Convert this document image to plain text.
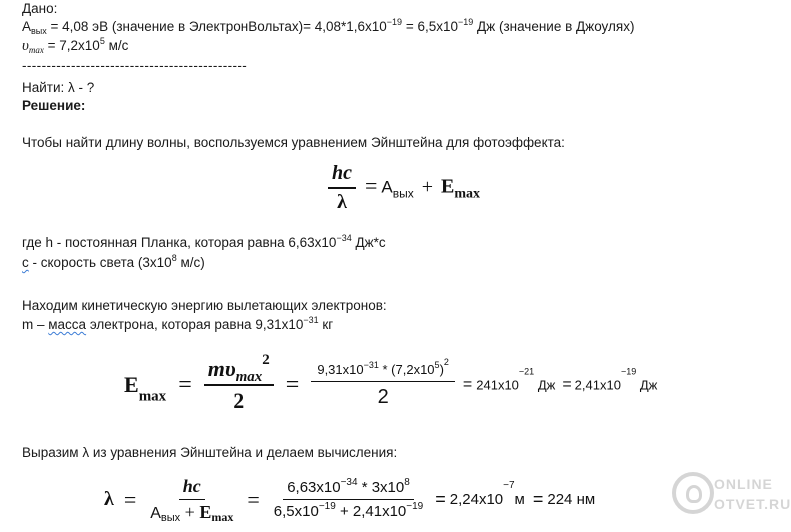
Дано:
$A_{вых} = 4,08$ эВ (значение в ЭлектронВольтах)= $4,08*1,6x10^{-19} = 6,5x10^{-19}$ Дж (значение в Джоулях)
$\upsilon_{max} = 7,2x10^5$ м/с
----------------------------------------------
Найти: λ - ?
Решение:
Чтобы найти длину волны, воспользуемся уравнением Эйнштейна для фотоэффекта:
$\frac{hc}{\lambda} = A_{вых} + E_{max}$
где h - постоянная Планка, которая равна $6,63x10^{-34}$ Дж*с
с - скорость света ($3x10^8$ м/с)
Находим кинетическую энергию вылетающих электронов:
m – масса электрона, которая равна $9,31x10^{-31}$ кг
$E_{max} = \frac{m\upsilon_{max}^2}{2} = \frac{9,31x10^{-31} * (7,2x10^5)^2}{2} = 241x10^{-21}$ Дж = $2,41x10^{-19}$ Дж
Выразим λ из уравнения Эйнштейна и делаем вычисления:
$\lambda = \frac{hc}{A_{вых} + E_{max}} = \frac{6,63x10^{-34} * 3x10^8}{6,5x10^{-19} + 2,41x10^{-19}} = 2,24x10^{-7}м = 224$ нм
ONLINE
OTVET.RU
